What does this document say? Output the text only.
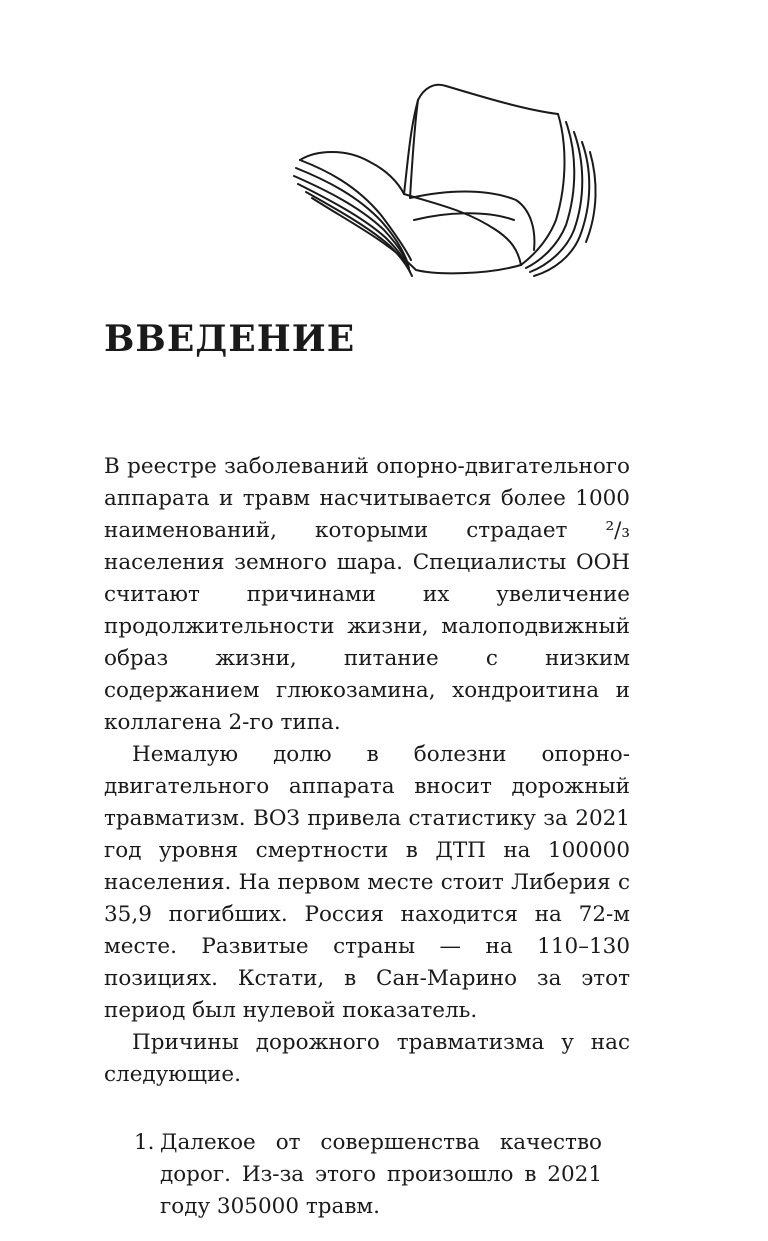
ВВЕДЕНИЕ

В реестре заболеваний опорно-двигательного аппарата и травм насчитывается более 1000 наименований, которыми страдает ²/₃ населения земного шара. Специалисты ООН считают причинами их увеличение продолжительности жизни, малоподвижный образ жизни, питание с низким содержанием глюкозамина, хондроитина и коллагена 2-го типа.

Немалую долю в болезни опорно-двигательного аппарата вносит дорожный травматизм. ВОЗ привела статистику за 2021 год уровня смертности в ДТП на 100000 населения. На первом месте стоит Либерия с 35,9 погибших. Россия находится на 72-м месте. Развитые страны — на 110–130 позициях. Кстати, в Сан-Марино за этот период был нулевой показатель.

Причины дорожного травматизма у нас следующие.

1. Далекое от совершенства качество дорог. Из-за этого произошло в 2021 году 305000 травм.
